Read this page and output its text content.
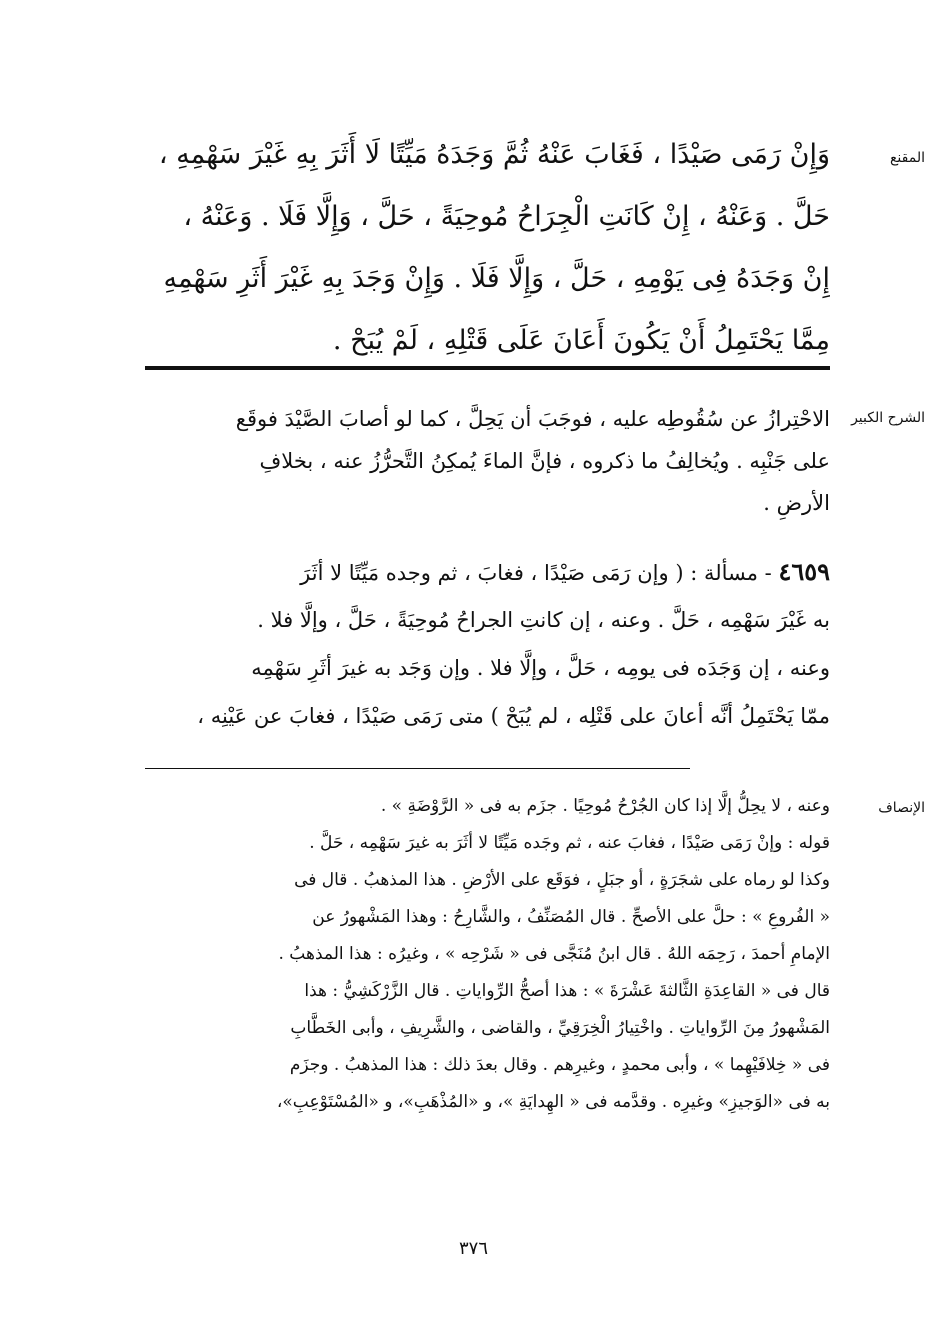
المقنع
وَإِنْ رَمَى صَيْدًا ، فَغَابَ عَنْهُ ثُمَّ وَجَدَهُ مَيِّتًا لَا أَثَرَ بِهِ غَيْرَ سَهْمِهِ ،
حَلَّ . وَعَنْهُ ، إِنْ كَانَتِ الْجِرَاحُ مُوحِيَةً ، حَلَّ ، وَإِلَّا فَلَا . وَعَنْهُ ،
إِنْ وَجَدَهُ فِى يَوْمِهِ ، حَلَّ ، وَإِلَّا فَلَا . وَإِنْ وَجَدَ بِهِ غَيْرَ أَثَرِ سَهْمِهِ
مِمَّا يَحْتَمِلُ أَنْ يَكُونَ أَعَانَ عَلَى قَتْلِهِ ، لَمْ يُبَحْ .
الشرح الكبير
الاحْتِرازُ عن سُقُوطِه عليه ، فوجَبَ أن يَحِلَّ ، كما لو أصابَ الصَّيْدَ فوقَع
على جَنْبِه . ويُخالِفُ ما ذكروه ، فإنَّ الماءَ يُمكِنُ التَّحرُّزُ عنه ، بخلافِ
الأرضِ .
٤٦٥٩ - مسألة : ( وإن رَمَى صَيْدًا ، فغابَ ، ثم وجده مَيِّتًا لا أثَرَ
به غَيْرَ سَهْمِه ، حَلَّ . وعنه ، إن كانتِ الجراحُ مُوحِيَةً ، حَلَّ ، وإلَّا فلا .
وعنه ، إن وَجَدَه فى يومِه ، حَلَّ ، وإلَّا فلا . وإن وَجَد به غيرَ أثَرِ سَهْمِه
ممّا يَحْتَمِلُ أنَّه أعانَ على قَتْلِه ، لم يُبَحْ ) متى رَمَى صَيْدًا ، فغابَ عن عَيْنِه ،
الإنصاف
وعنه ، لا يحِلُّ إلَّا إذا كان الجُرْحُ مُوحِيًا . جزَم به فى « الرَّوْضَةِ » .
قوله : وإنْ رَمَى صَيْدًا ، فغابَ عنه ، ثم وجَده مَيِّتًا لا أثَرَ به غيرَ سَهْمِه ، حَلَّ .
وكذا لو رماه على شجَرَةٍ ، أو جبَلٍ ، فوَقَع على الأرْضِ . هذا المذهبُ . قال فى
« الفُروعِ » : حلَّ على الأصحِّ . قال المُصَنِّفُ ، والشَّارِحُ : وهذا المَشْهورُ عن
الإمامِ أحمدَ ، رَحِمَه اللهُ . قال ابنُ مُنَجَّى فى « شَرْحِه » ، وغيرُه : هذا المذهبُ .
قال فى « القاعِدَةِ الثَّالثةَ عَشْرَةَ » : هذا أصحُّ الرِّواياتِ . قال الزَّرْكَشِيُّ : هذا
المَشْهورُ مِنَ الرِّواياتِ . واخْتِيارُ الْخِرَقِيِّ ، والقاضى ، والشَّرِيفِ ، وأبى الخَطَّابِ
فى « خِلافَيْهِما » ، وأبى محمدٍ ، وغيرِهم . وقال بعدَ ذلك : هذا المذهبُ . وجزَم
به فى «الوَجيزِ» وغيرِه . وقدَّمه فى « الهِدايَةِ »، و «المُذْهَبِ»، و «المُسْتَوْعِبِ»،
٣٧٦
